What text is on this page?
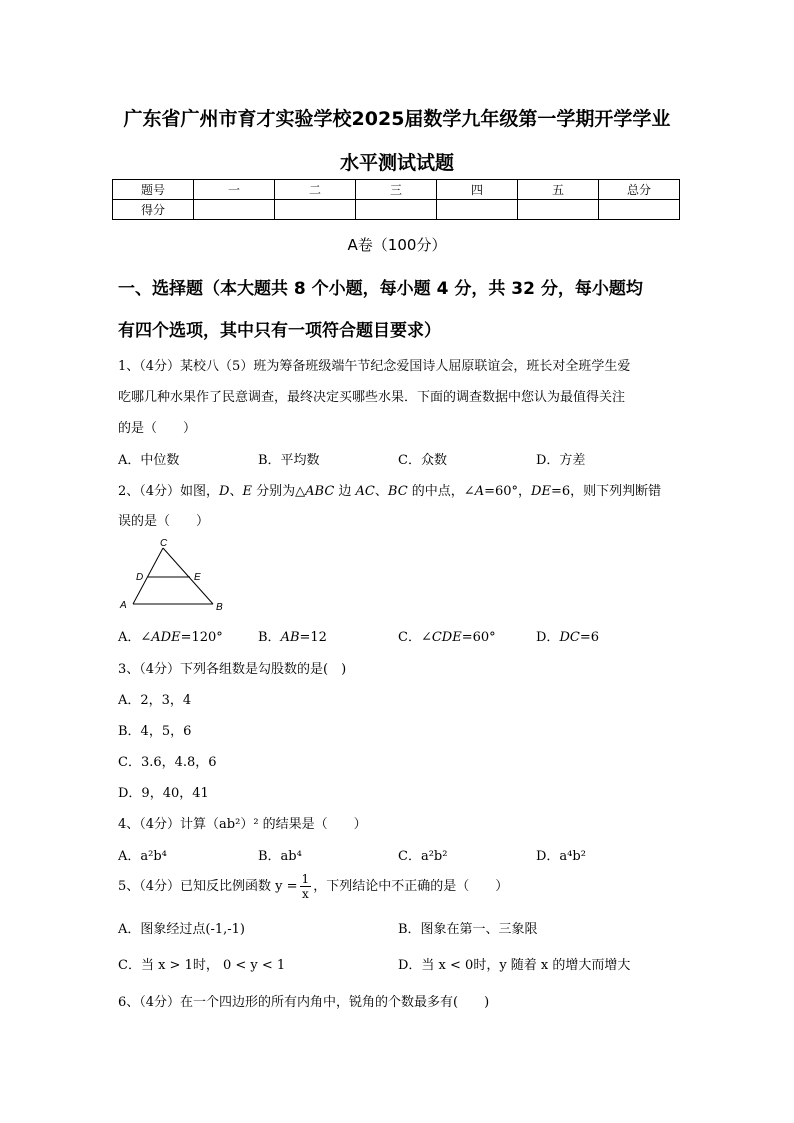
广东省广州市育才实验学校2025届数学九年级第一学期开学学业
水平测试试题
题号	一	二	三	四	五	总分
得分						
A卷（100分）
一、选择题（本大题共 8 个小题，每小题 4 分，共 32 分，每小题均
有四个选项，其中只有一项符合题目要求）
1、（4分）某校八（5）班为筹备班级端午节纪念爱国诗人屈原联谊会，班长对全班学生爱
吃哪几种水果作了民意调查，最终决定买哪些水果．下面的调查数据中您认为最值得关注
的是（　　）
A．中位数	B．平均数	C．众数	D．方差
2、（4分）如图，D、E 分别为△ABC 边 AC、BC 的中点，∠A=60°，DE=6，则下列判断错
误的是（　　）
C
D	E
A	B
A．∠ADE=120°	B．AB=12	C．∠CDE=60°	D．DC=6
3、（4分）下列各组数是勾股数的是(　)
A．2，3，4
B．4，5，6
C．3.6，4.8，6
D．9，40，41
4、（4分）计算（ab²）² 的结果是（　　）
A．a²b⁴	B．ab⁴	C．a²b²	D．a⁴b²
5、（4分）已知反比例函数 $y = \frac{1}{x}$ ，下列结论中不正确的是（　　）
A．图象经过点(-1,-1)	B．图象在第一、三象限
C．当 x > 1时， 0 < y < 1	D．当 x < 0时，y 随着 x 的增大而增大
6、（4分）在一个四边形的所有内角中，锐角的个数最多有(　　)
